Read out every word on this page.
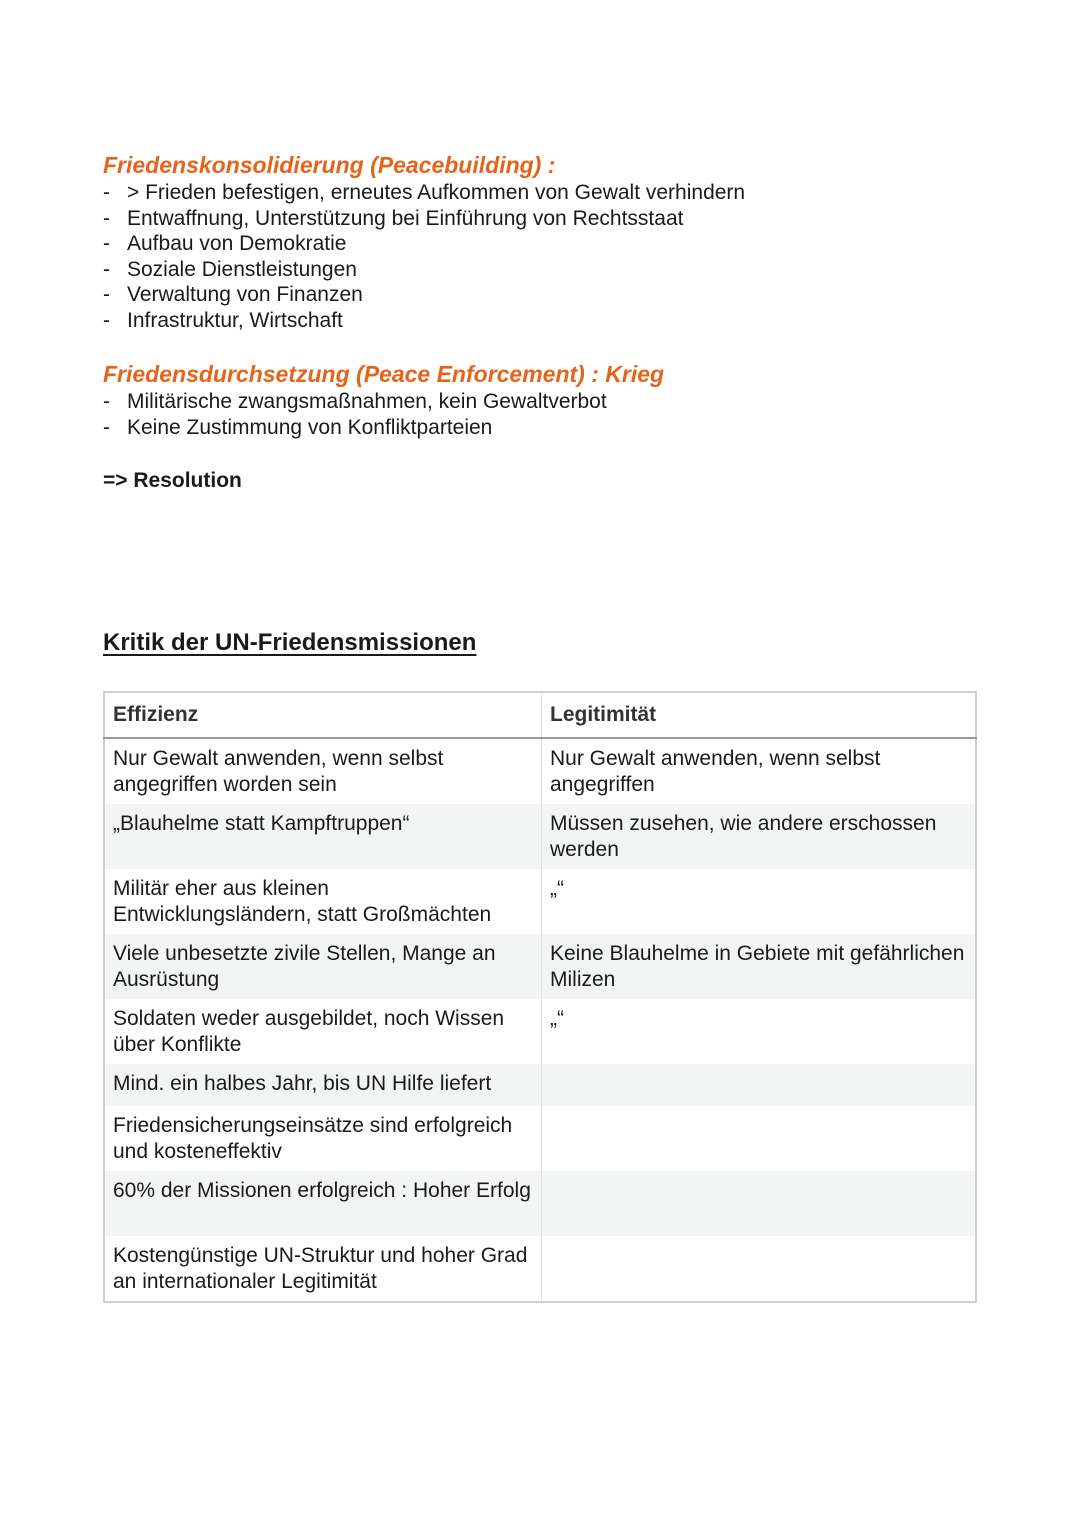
Friedenskonsolidierung (Peacebuilding) :

- > Frieden befestigen, erneutes Aufkommen von Gewalt verhindern
- Entwaffnung, Unterstützung bei Einführung von Rechtsstaat
- Aufbau von Demokratie
- Soziale Dienstleistungen
- Verwaltung von Finanzen
- Infrastruktur, Wirtschaft

Friedensdurchsetzung (Peace Enforcement) : Krieg

- Militärische zwangsmaßnahmen, kein Gewaltverbot
- Keine Zustimmung von Konfliktparteien
=> Resolution
Kritik der UN-Friedensmissionen
Effizienz	Legitimität
Nur Gewalt anwenden, wenn selbst angegriffen worden sein	Nur Gewalt anwenden, wenn selbst angegriffen
„Blauhelme statt Kampftruppen“	Müssen zusehen, wie andere erschossen werden
Militär eher aus kleinen Entwicklungsländern, statt Großmächten	„“
Viele unbesetzte zivile Stellen, Mange an Ausrüstung	Keine Blauhelme in Gebiete mit gefährlichen Milizen
Soldaten weder ausgebildet, noch Wissen über Konflikte	„“
Mind. ein halbes Jahr, bis UN Hilfe liefert	
Friedensicherungseinsätze sind erfolgreich und kosteneffektiv	
60% der Missionen erfolgreich : Hoher Erfolg	
Kostengünstige UN-Struktur und hoher Grad an internationaler Legitimität	
